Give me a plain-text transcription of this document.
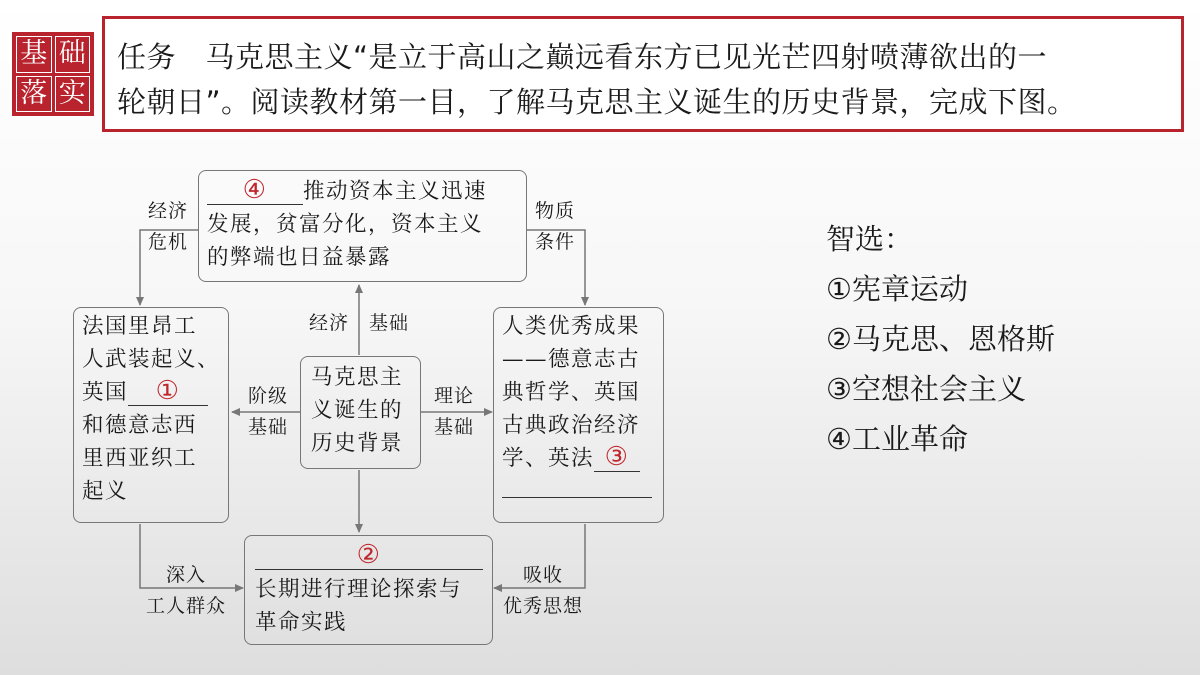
基 础
落 实
任务　马克思主义“是立于高山之巅远看东方已见光芒四射喷薄欲出的一
轮朝日”。阅读教材第一目，了解马克思主义诞生的历史背景，完成下图。
④ 推动资本主义迅速
发展，贫富分化，资本主义
的弊端也日益暴露
法国里昂工
人武装起义、
英国 ①
和德意志西
里西亚织工
起义
马克思主
义诞生的
历史背景
人类优秀成果
——德意志古
典哲学、英国
古典政治经济
学、英法 ③
②
长期进行理论探索与
革命实践
经济
危机
物质
条件
经济　基础
阶级
基础
理论
基础
深入
工人群众
吸收
优秀思想
智选：
①宪章运动
②马克思、恩格斯
③空想社会主义
④工业革命
